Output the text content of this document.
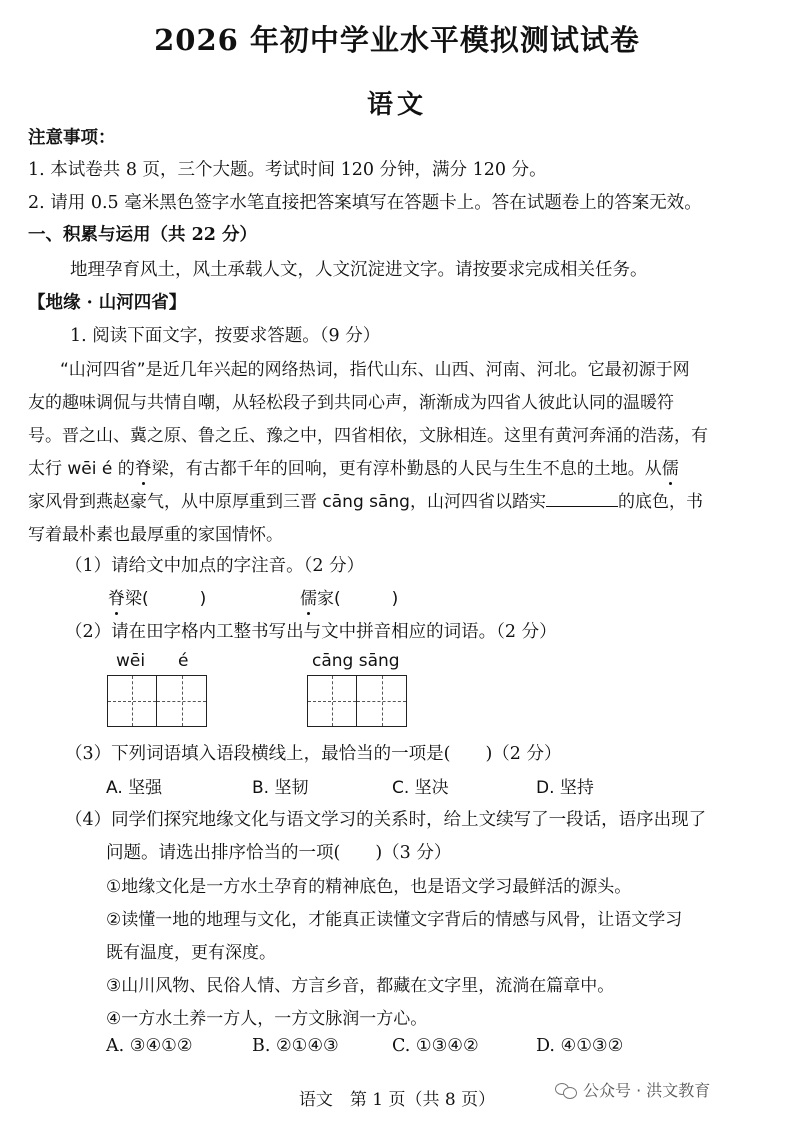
2026 年初中学业水平模拟测试试卷
语文
注意事项：
1. 本试卷共 8 页，三个大题。考试时间 120 分钟，满分 120 分。
2. 请用 0.5 毫米黑色签字水笔直接把答案填写在答题卡上。答在试题卷上的答案无效。
一、积累与运用（共 22 分）
地理孕育风土，风土承载人文，人文沉淀进文字。请按要求完成相关任务。
【地缘 · 山河四省】
1. 阅读下面文字，按要求答题。（9 分）
“山河四省”是近几年兴起的网络热词，指代山东、山西、河南、河北。它最初源于网
友的趣味调侃与共情自嘲，从轻松段子到共同心声，渐渐成为四省人彼此认同的温暖符
号。晋之山、冀之原、鲁之丘、豫之中，四省相依，文脉相连。这里有黄河奔涌的浩荡，有
太行 wēi é 的脊梁，有古都千年的回响，更有淳朴勤恳的人民与生生不息的土地。从儒
家风骨到燕赵豪气，从中原厚重到三晋 cāng sāng，山河四省以踏实	的底色，书
写着最朴素也最厚重的家国情怀。
（1）请给文中加点的字注音。（2 分）
脊梁(　　　)	儒家(　　　)
（2）请在田字格内工整书写出与文中拼音相应的词语。（2 分）
wēi é	cāng sāng
（3）下列词语填入语段横线上，最恰当的一项是(　　)（2 分）
A. 坚强	B. 坚韧	C. 坚决	D. 坚持
（4）同学们探究地缘文化与语文学习的关系时，给上文续写了一段话，语序出现了
问题。请选出排序恰当的一项(　　)（3 分）
①地缘文化是一方水土孕育的精神底色，也是语文学习最鲜活的源头。
②读懂一地的地理与文化，才能真正读懂文字背后的情感与风骨，让语文学习
既有温度，更有深度。
③山川风物、民俗人情、方言乡音，都藏在文字里，流淌在篇章中。
④一方水土养一方人，一方文脉润一方心。
A. ③④①②	B. ②①④③	C. ①③④②	D. ④①③②
语文　第 1 页（共 8 页）	公众号 · 洪文教育
